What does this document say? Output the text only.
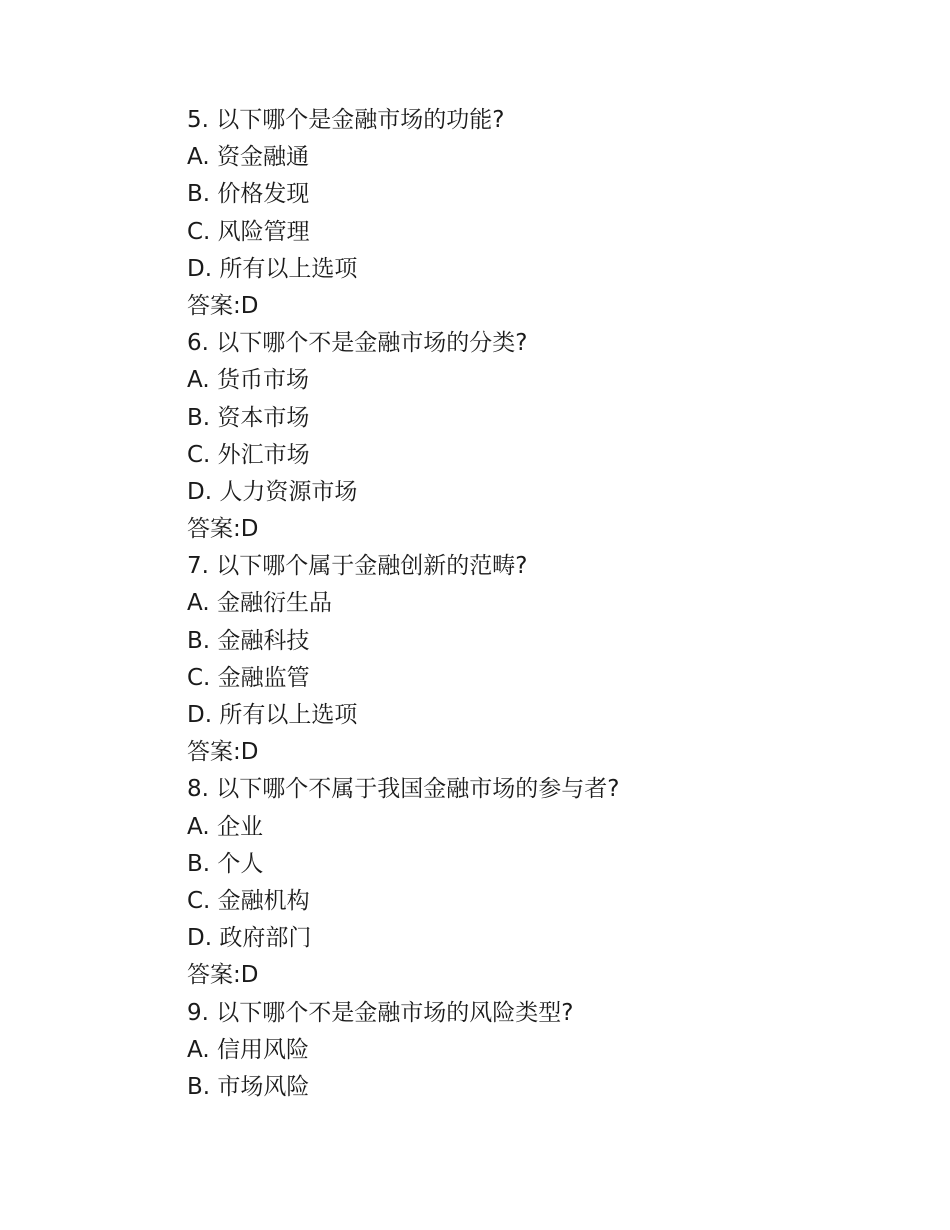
5. 以下哪个是金融市场的功能?
A. 资金融通
B. 价格发现
C. 风险管理
D. 所有以上选项
答案:D
6. 以下哪个不是金融市场的分类?
A. 货币市场
B. 资本市场
C. 外汇市场
D. 人力资源市场
答案:D
7. 以下哪个属于金融创新的范畴?
A. 金融衍生品
B. 金融科技
C. 金融监管
D. 所有以上选项
答案:D
8. 以下哪个不属于我国金融市场的参与者?
A. 企业
B. 个人
C. 金融机构
D. 政府部门
答案:D
9. 以下哪个不是金融市场的风险类型?
A. 信用风险
B. 市场风险
